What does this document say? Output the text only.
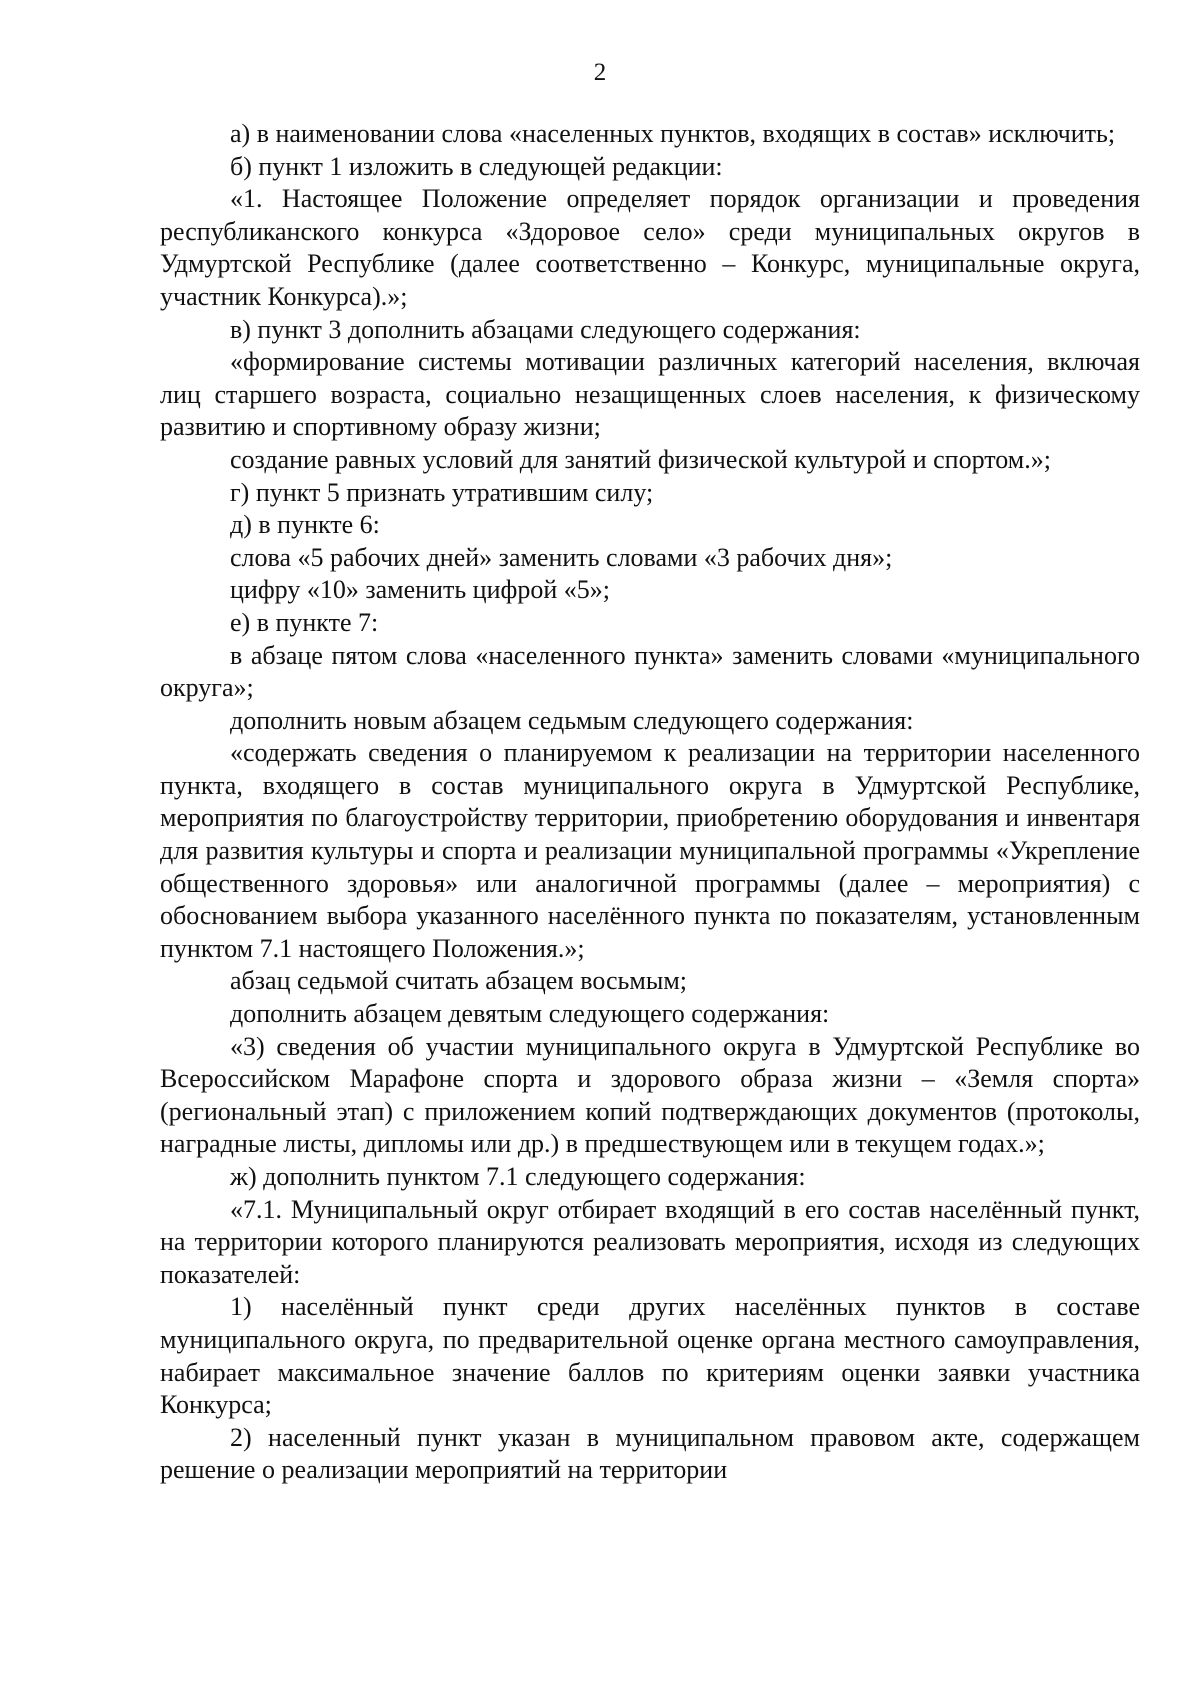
2

а) в наименовании слова «населенных пунктов, входящих в состав» исключить;

б) пункт 1 изложить в следующей редакции:

«1. Настоящее Положение определяет порядок организации и проведения республиканского конкурса «Здоровое село» среди муниципальных округов в Удмуртской Республике (далее соответственно – Конкурс, муниципальные округа, участник Конкурса).»;

в) пункт 3 дополнить абзацами следующего содержания:

«формирование системы мотивации различных категорий населения, включая лиц старшего возраста, социально незащищенных слоев населения, к физическому развитию и спортивному образу жизни;

создание равных условий для занятий физической культурой и спортом.»;

г) пункт 5 признать утратившим силу;

д) в пункте 6:

слова «5 рабочих дней» заменить словами «3 рабочих дня»;

цифру «10» заменить цифрой «5»;

е) в пункте 7:

в абзаце пятом слова «населенного пункта» заменить словами «муниципального округа»;

дополнить новым абзацем седьмым следующего содержания:

«содержать сведения о планируемом к реализации на территории населенного пункта, входящего в состав муниципального округа в Удмуртской Республике, мероприятия по благоустройству территории, приобретению оборудования и инвентаря для развития культуры и спорта и реализации муниципальной программы «Укрепление общественного здоровья» или аналогичной программы (далее – мероприятия) с обоснованием выбора указанного населённого пункта по показателям, установленным пунктом 7.1 настоящего Положения.»;

абзац седьмой считать абзацем восьмым;

дополнить абзацем девятым следующего содержания:

«3) сведения об участии муниципального округа в Удмуртской Республике во Всероссийском Марафоне спорта и здорового образа жизни – «Земля спорта» (региональный этап) с приложением копий подтверждающих документов (протоколы, наградные листы, дипломы или др.) в предшествующем или в текущем годах.»;

ж) дополнить пунктом 7.1 следующего содержания:

«7.1. Муниципальный округ отбирает входящий в его состав населённый пункт, на территории которого планируются реализовать мероприятия, исходя из следующих показателей:

1) населённый пункт среди других населённых пунктов в составе муниципального округа, по предварительной оценке органа местного самоуправления, набирает максимальное значение баллов по критериям оценки заявки участника Конкурса;

2) населенный пункт указан в муниципальном правовом акте, содержащем решение о реализации мероприятий на территории
